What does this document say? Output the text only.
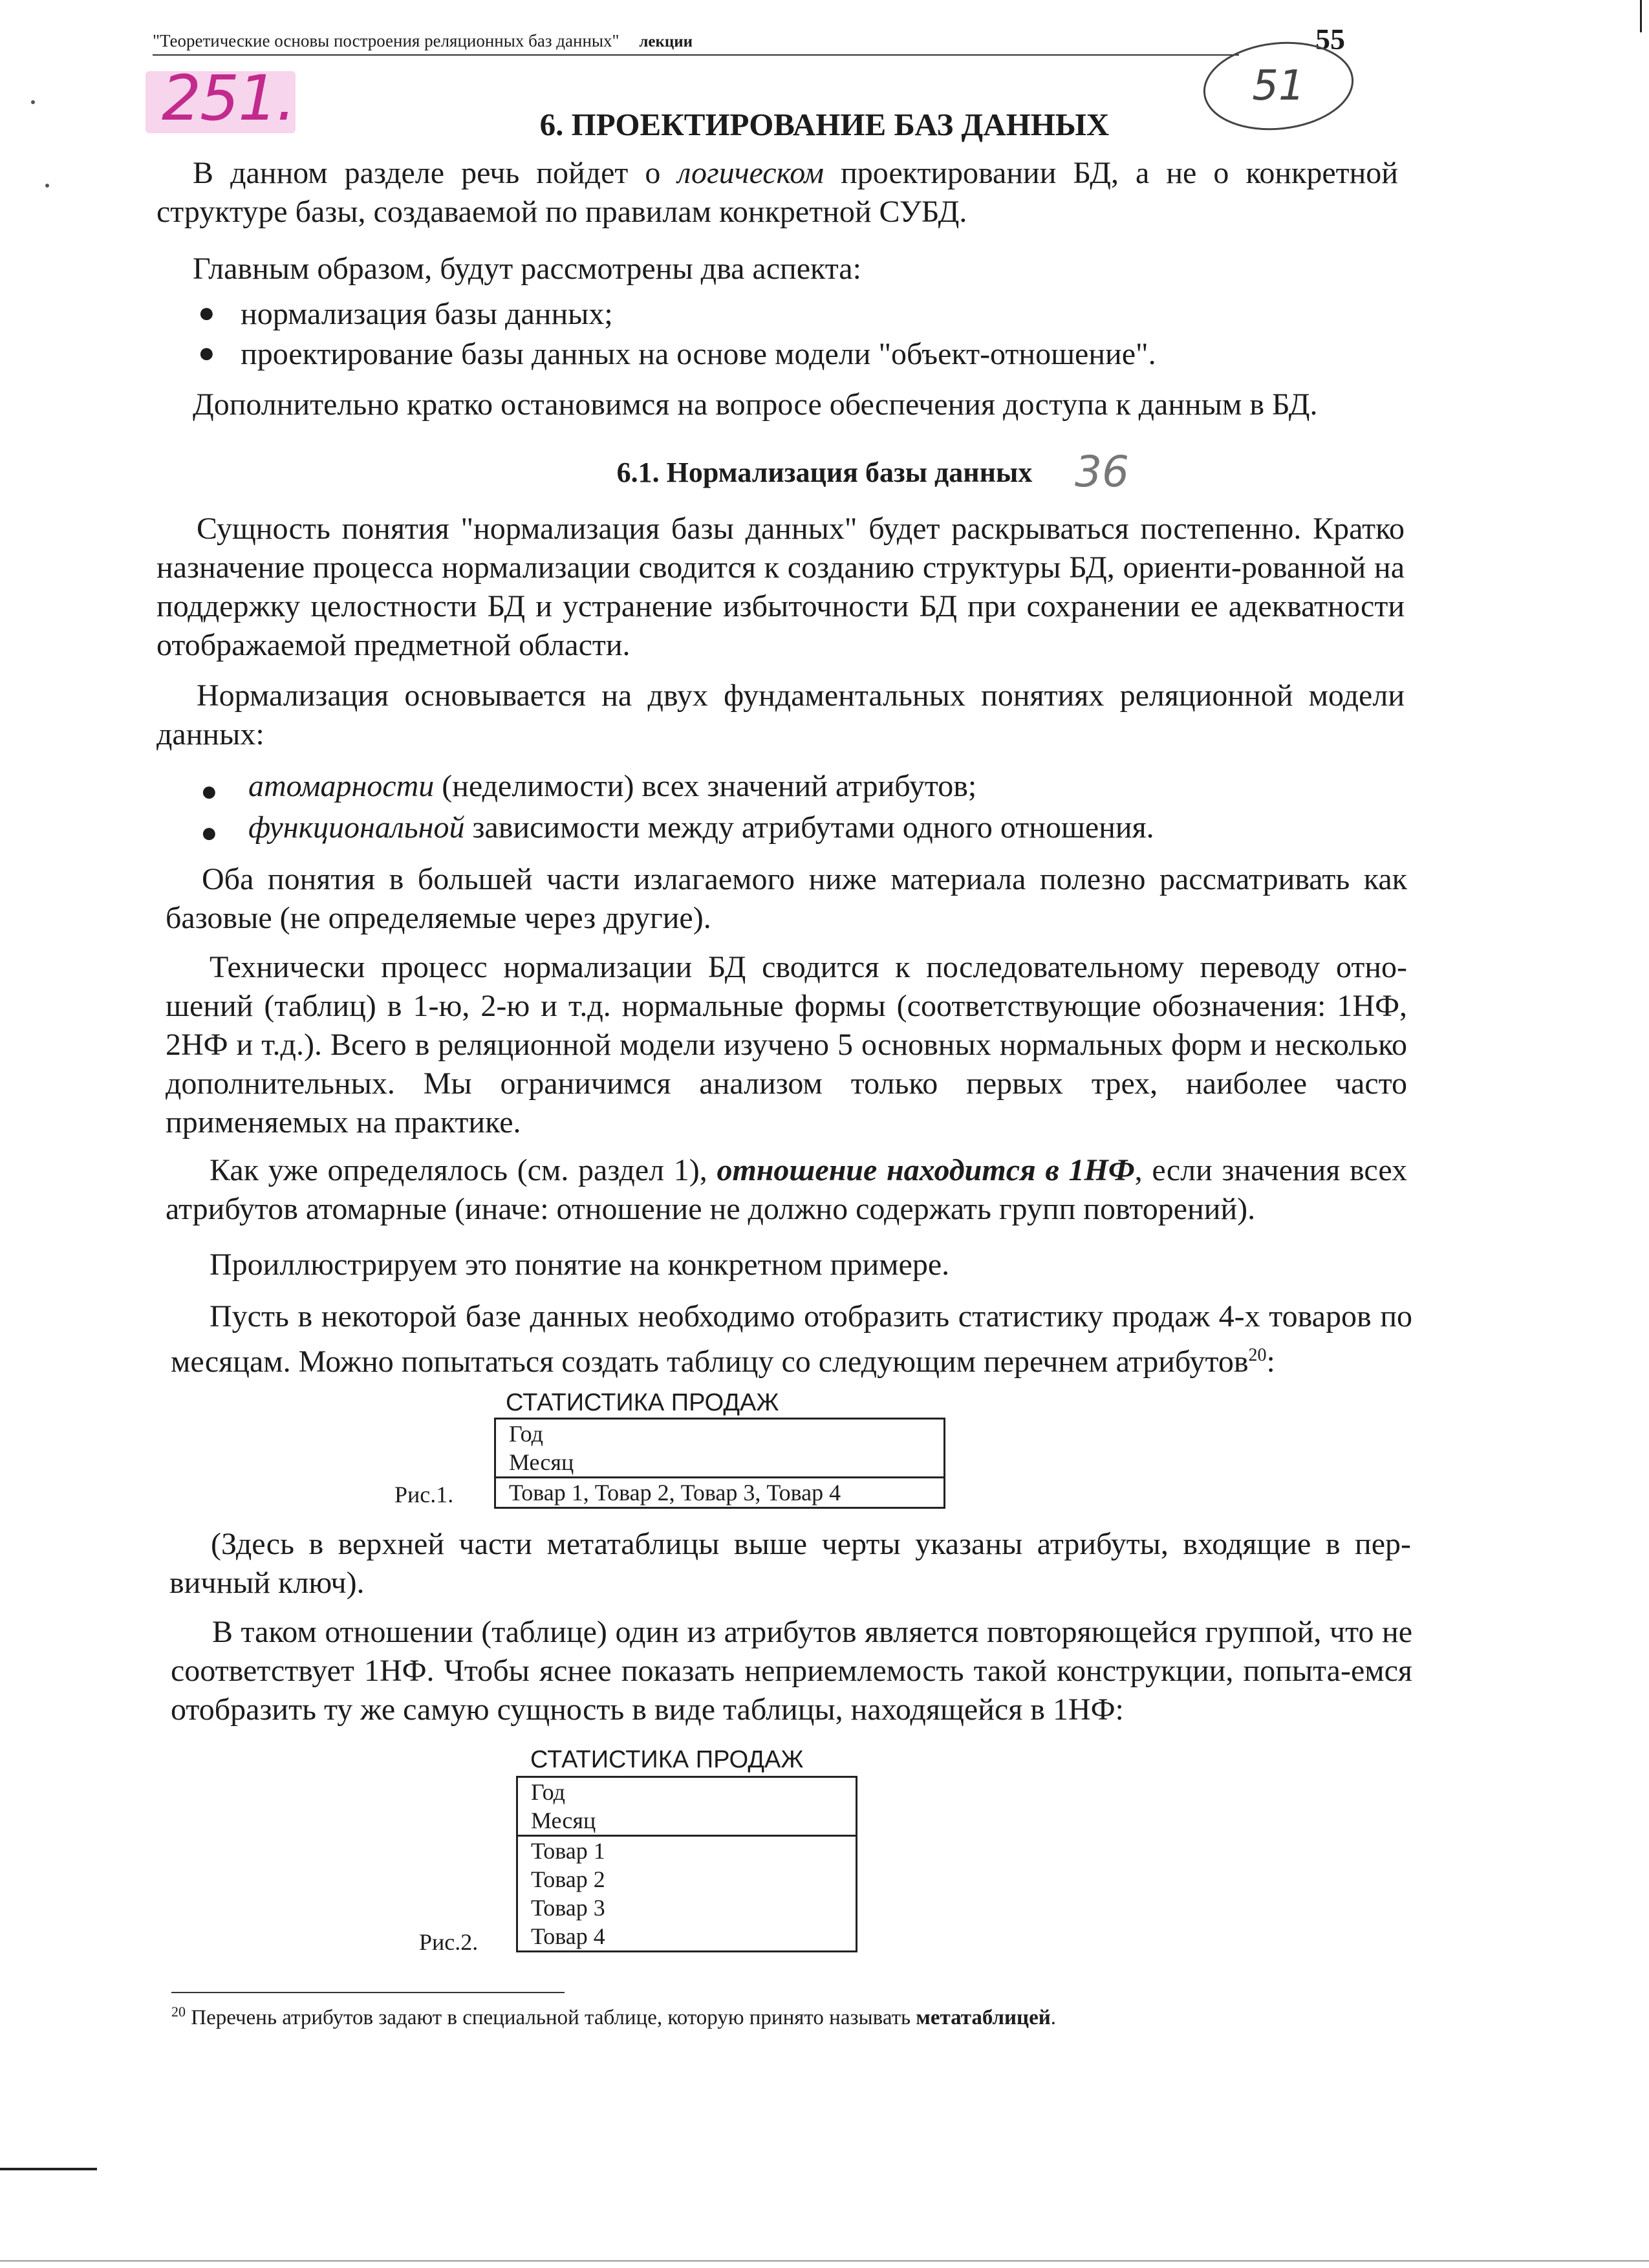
"Теоретические основы построения реляционных баз данных" лекции	55
251.	51
36
6. ПРОЕКТИРОВАНИЕ БАЗ ДАННЫХ
В данном разделе речь пойдет о логическом проектировании БД, а не о конкретной структуре базы, создаваемой по правилам конкретной СУБД.
Главным образом, будут рассмотрены два аспекта:
● нормализация базы данных;
● проектирование базы данных на основе модели "объект-отношение".
Дополнительно кратко остановимся на вопросе обеспечения доступа к данным в БД.
6.1. Нормализация базы данных
Сущность понятия "нормализация базы данных" будет раскрываться постепенно. Кратко назначение процесса нормализации сводится к созданию структуры БД, ориенти-рованной на поддержку целостности БД и устранение избыточности БД при сохранении ее адекватности отображаемой предметной области.
Нормализация основывается на двух фундаментальных понятиях реляционной модели данных:
● атомарности (неделимости) всех значений атрибутов;
● функциональной зависимости между атрибутами одного отношения.
Оба понятия в большей части излагаемого ниже материала полезно рассматривать как базовые (не определяемые через другие).
Технически процесс нормализации БД сводится к последовательному переводу отно-шений (таблиц) в 1-ю, 2-ю и т.д. нормальные формы (соответствующие обозначения: 1НФ, 2НФ и т.д.). Всего в реляционной модели изучено 5 основных нормальных форм и несколько дополнительных. Мы ограничимся анализом только первых трех, наиболее часто применяемых на практике.
Как уже определялось (см. раздел 1), отношение находится в 1НФ, если значения всех атрибутов атомарные (иначе: отношение не должно содержать групп повторений).
Проиллюстрируем это понятие на конкретном примере.
Пусть в некоторой базе данных необходимо отобразить статистику продаж 4-х товаров по месяцам. Можно попытаться создать таблицу со следующим перечнем атрибутов$^{20}$:
СТАТИСТИКА ПРОДАЖ
Год
Месяц
Товар 1, Товар 2, Товар 3, Товар 4
Рис.1.
(Здесь в верхней части метатаблицы выше черты указаны атрибуты, входящие в пер-вичный ключ).
В таком отношении (таблице) один из атрибутов является повторяющейся группой, что не соответствует 1НФ. Чтобы яснее показать неприемлемость такой конструкции, попыта-емся отобразить ту же самую сущность в виде таблицы, находящейся в 1НФ:
СТАТИСТИКА ПРОДАЖ
Год
Месяц
Товар 1
Товар 2
Товар 3
Товар 4
Рис.2.
$^{20}$ Перечень атрибутов задают в специальной таблице, которую принято называть метатаблицей.
